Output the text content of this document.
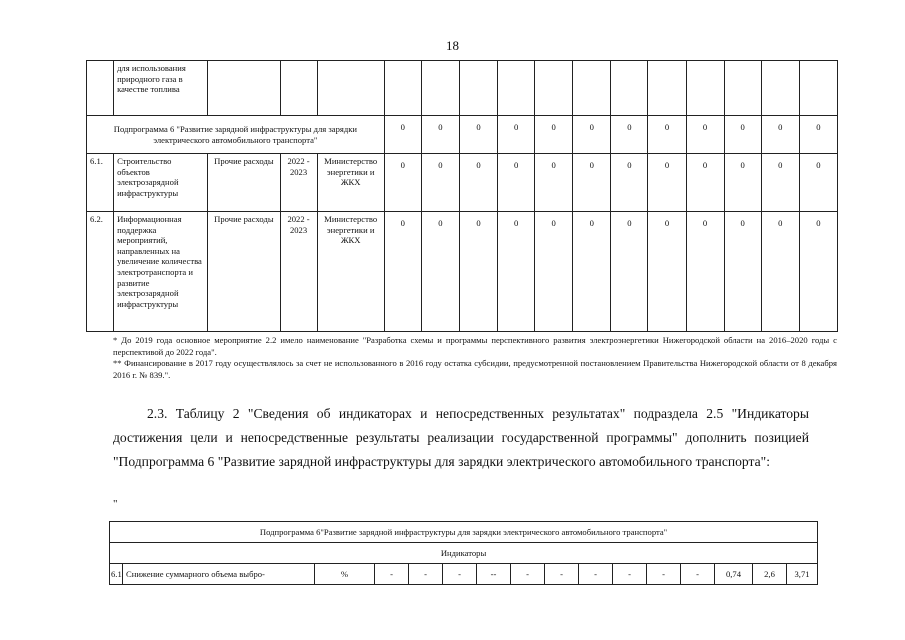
18
	для использования природного газа в качестве топлива															
Подпрограмма 6 "Развитие зарядной инфраструктуры для зарядки электрического автомобильного транспорта"					0	0	0	0	0	0	0	0	0	0	0	0
6.1.	Строительство объектов электрозарядной инфраструктуры	Прочие расходы	2022 - 2023	Министерство энергетики и ЖКХ	0	0	0	0	0	0	0	0	0	0	0	0
6.2.	Информационная поддержка мероприятий, направленных на увеличение количества электротранспорта и развитие электрозарядной инфраструктуры	Прочие расходы	2022 - 2023	Министерство энергетики и ЖКХ	0	0	0	0	0	0	0	0	0	0	0	0
* До 2019 года основное мероприятие 2.2 имело наименование "Разработка схемы и программы перспективного развития электроэнергетики Нижегородской области на 2016–2020 годы с перспективой до 2022 года".
** Финансирование в 2017 году осуществлялось за счет не использованного в 2016 году остатка субсидии, предусмотренной постановлением Правительства Нижегородской области от 8 декабря 2016 г. № 839.".
2.3. Таблицу 2 "Сведения об индикаторах и непосредственных результатах" подраздела 2.5 "Индикаторы достижения цели и непосредственные результаты реализации государственной программы" дополнить позицией "Подпрограмма 6 "Развитие зарядной инфраструктуры для зарядки электрического автомобильного транспорта":
"
Подпрограмма 6"Развитие зарядной инфраструктуры для зарядки электрического автомобильного транспорта"
Индикаторы
6.1	Снижение суммарного объема выбро-	%	-	-	-	--	-	-	-	-	-	-	0,74	2,6	3,71
